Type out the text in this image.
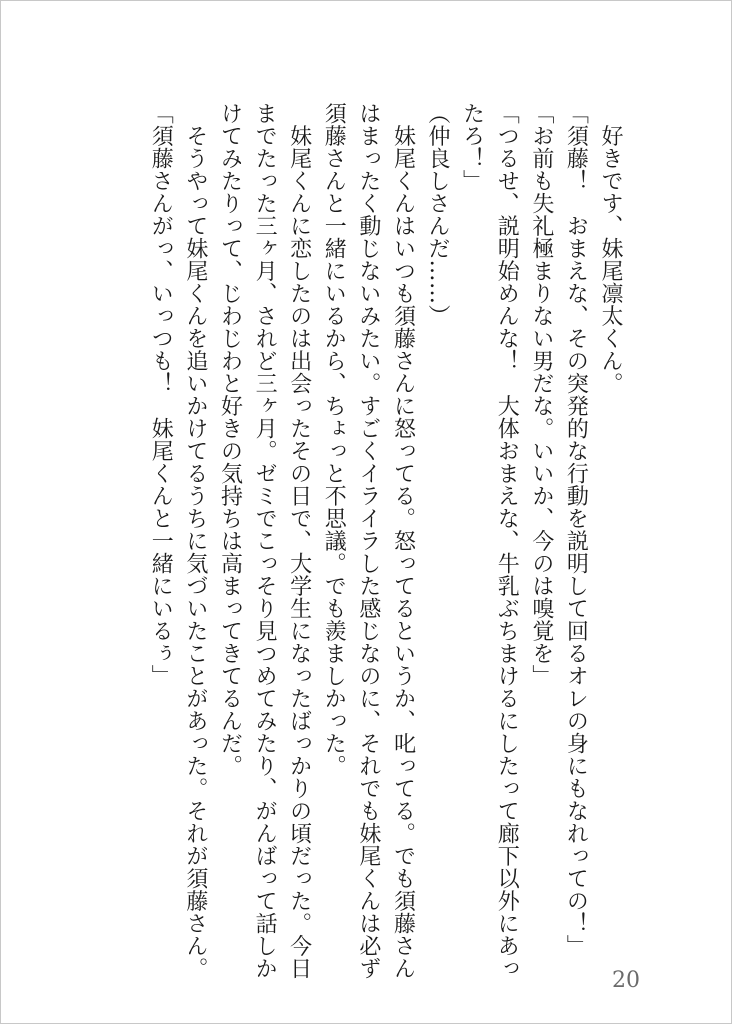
　好きです、妹尾凛太くん。
「須藤！　おまえな、その突発的な行動を説明して回るオレの身にもなれっての！」
「お前も失礼極まりない男だな。いいか、今のは嗅覚を」
「つるせ、説明始めんな！　大体おまえな、牛乳ぶちまけるにしたって廊下以外にあっ
たろ！」
（仲良しさんだ……）
　妹尾くんはいつも須藤さんに怒ってる。怒ってるというか、叱ってる。でも須藤さん
はまったく動じないみたい。すごくイライラした感じなのに、それでも妹尾くんは必ず
須藤さんと一緒にいるから、ちょっと不思議。でも羨ましかった。
　妹尾くんに恋したのは出会ったその日で、大学生になったばっかりの頃だった。今日
までたった三ヶ月、されど三ヶ月。ゼミでこっそり見つめてみたり、がんばって話しか
けてみたりって、じわじわと好きの気持ちは高まってきてるんだ。
　そうやって妹尾くんを追いかけてるうちに気づいたことがあった。それが須藤さん。
「須藤さんがっ、いっつも！　妹尾くんと一緒にいるぅ」
20
